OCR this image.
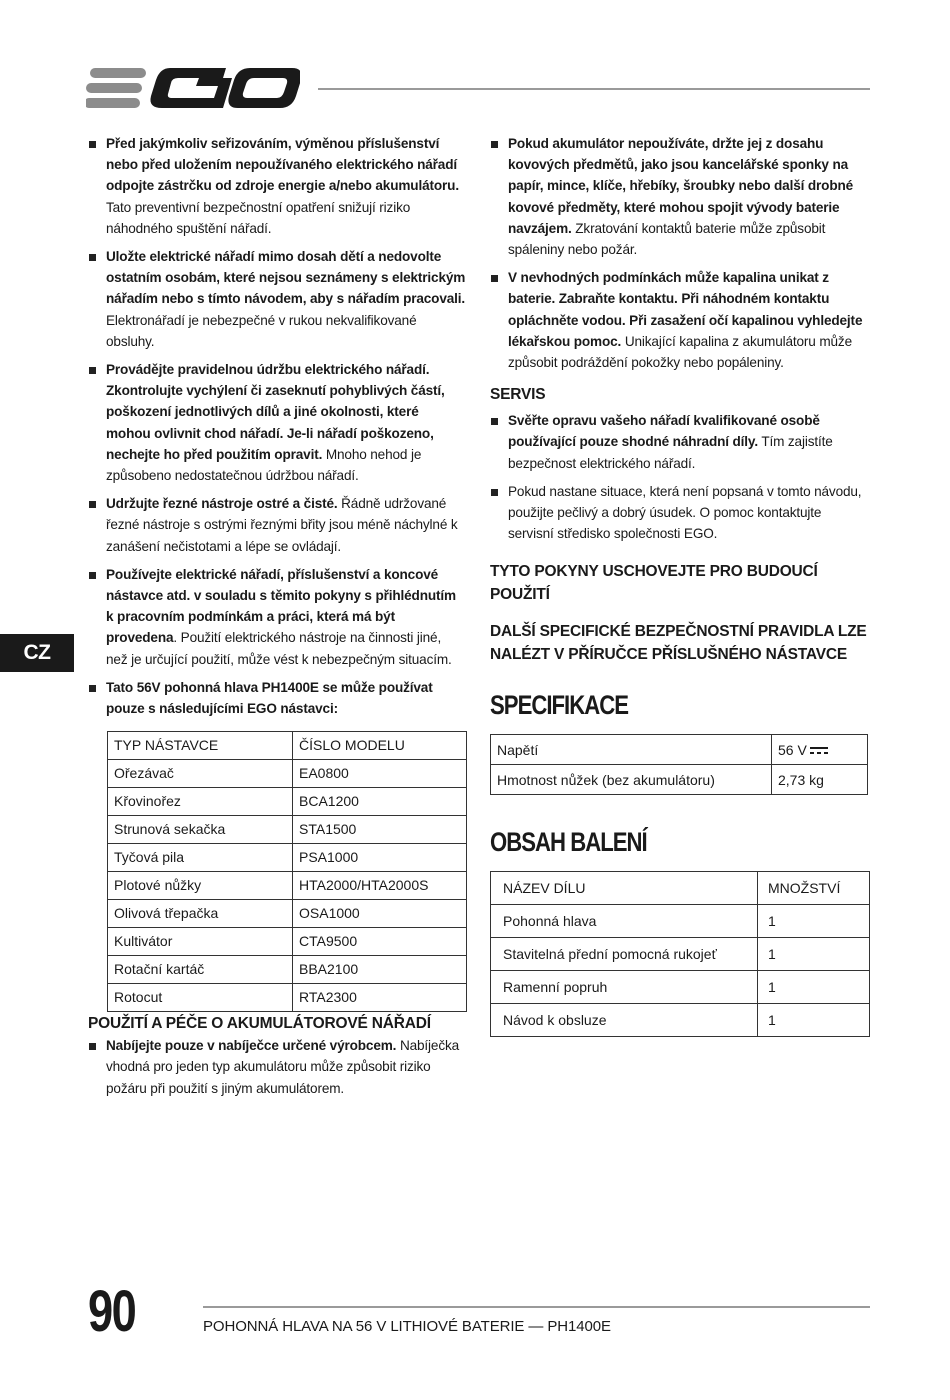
Před jakýmkoliv seřizováním, výměnou příslušenství nebo před uložením nepoužívaného elektrického nářadí odpojte zástrčku od zdroje energie a/nebo akumulátoru. Tato preventivní bezpečnostní opatření snižují riziko náhodného spuštění nářadí.
Uložte elektrické nářadí mimo dosah dětí a nedovolte ostatním osobám, které nejsou seznámeny s elektrickým nářadím nebo s tímto návodem, aby s nářadím pracovali. Elektronářadí je nebezpečné v rukou nekvalifikované obsluhy.
Provádějte pravidelnou údržbu elektrického nářadí. Zkontrolujte vychýlení či zaseknutí pohyblivých částí, poškození jednotlivých dílů a jiné okolnosti, které mohou ovlivnit chod nářadí. Je-li nářadí poškozeno, nechejte ho před použitím opravit. Mnoho nehod je způsobeno nedostatečnou údržbou nářadí.
Udržujte řezné nástroje ostré a čisté. Řádně udržované řezné nástroje s ostrými řeznými břity jsou méně náchylné k zanášení nečistotami a lépe se ovládají.
Používejte elektrické nářadí, příslušenství a koncové nástavce atd. v souladu s těmito pokyny s přihlédnutím k pracovním podmínkám a práci, která má být provedena. Použití elektrického nástroje na činnosti jiné, než je určující použití, může vést k nebezpečným situacím.
Tato 56V pohonná hlava PH1400E se může používat pouze s následujícími EGO nástavci:
TYP NÁSTAVCE	ČÍSLO MODELU
Ořezávač	EA0800
Křovinořez	BCA1200
Strunová sekačka	STA1500
Tyčová pila	PSA1000
Plotové nůžky	HTA2000/HTA2000S
Olivová třepačka	OSA1000
Kultivátor	CTA9500
Rotační kartáč	BBA2100
Rotocut	RTA2300
POUŽITÍ A PÉČE O AKUMULÁTOROVÉ NÁŘADÍ
Nabíjejte pouze v nabíječce určené výrobcem. Nabíječka vhodná pro jeden typ akumulátoru může způsobit riziko požáru při použití s jiným akumulátorem.
Pokud akumulátor nepoužíváte, držte jej z dosahu kovových předmětů, jako jsou kancelářské sponky na papír, mince, klíče, hřebíky, šroubky nebo další drobné kovové předměty, které mohou spojit vývody baterie navzájem. Zkratování kontaktů baterie může způsobit spáleniny nebo požár.
V nevhodných podmínkách může kapalina unikat z baterie. Zabraňte kontaktu. Při náhodném kontaktu opláchněte vodou. Při zasažení očí kapalinou vyhledejte lékařskou pomoc. Unikající kapalina z akumulátoru může způsobit podráždění pokožky nebo popáleniny.
SERVIS
Svěřte opravu vašeho nářadí kvalifikované osobě používající pouze shodné náhradní díly. Tím zajistíte bezpečnost elektrického nářadí.
Pokud nastane situace, která není popsaná v tomto návodu, použijte pečlivý a dobrý úsudek. O pomoc kontaktujte servisní středisko společnosti EGO.
TYTO POKYNY USCHOVEJTE PRO BUDOUCÍ POUŽITÍ
DALŠÍ SPECIFICKÉ BEZPEČNOSTNÍ PRAVIDLA LZE NALÉZT V PŘÍRUČCE PŘÍSLUŠNÉHO NÁSTAVCE
SPECIFIKACE
Napětí	56 V
Hmotnost nůžek (bez akumulátoru)	2,73 kg
OBSAH BALENÍ
NÁZEV DÍLU	MNOŽSTVÍ
Pohonná hlava	1
Stavitelná přední pomocná rukojeť	1
Ramenní popruh	1
Návod k obsluze	1
CZ
90	POHONNÁ HLAVA NA 56 V LITHIOVÉ BATERIE — PH1400E
